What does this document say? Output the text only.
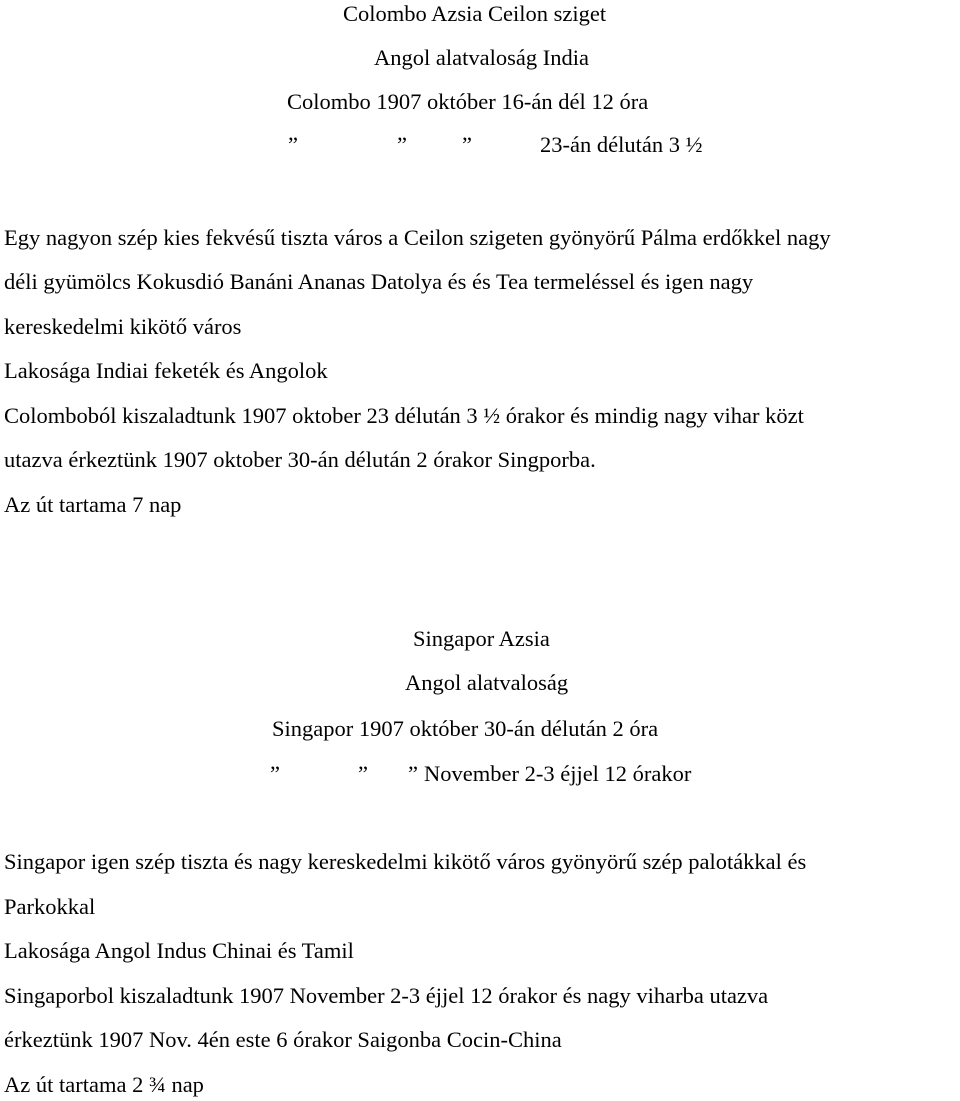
Colombo Azsia Ceilon sziget
Angol alatvaloság India
Colombo 1907 október 16-án dél 12 óra
”	” ”	23-án délután 3 ½
Egy nagyon szép kies fekvésű tiszta város a Ceilon szigeten gyönyörű Pálma erdőkkel nagy
déli gyümölcs Kokusdió Banáni Ananas Datolya és és Tea termeléssel és igen nagy
kereskedelmi kikötő város
Lakosága Indiai feketék és Angolok
Colomboból kiszaladtunk 1907 oktober 23 délután 3 ½ órakor és mindig nagy vihar közt
utazva érkeztünk 1907 oktober 30-án délután 2 órakor Singporba.
Az út tartama 7 nap
Singapor Azsia
Angol alatvaloság
Singapor 1907 október 30-án délután 2 óra
”	” ” November 2-3 éjjel 12 órakor
Singapor igen szép tiszta és nagy kereskedelmi kikötő város gyönyörű szép palotákkal és
Parkokkal
Lakosága Angol Indus Chinai és Tamil
Singaporbol kiszaladtunk 1907 November 2-3 éjjel 12 órakor és nagy viharba utazva
érkeztünk 1907 Nov. 4én este 6 órakor Saigonba Cocin-China
Az út tartama 2 ¾ nap
